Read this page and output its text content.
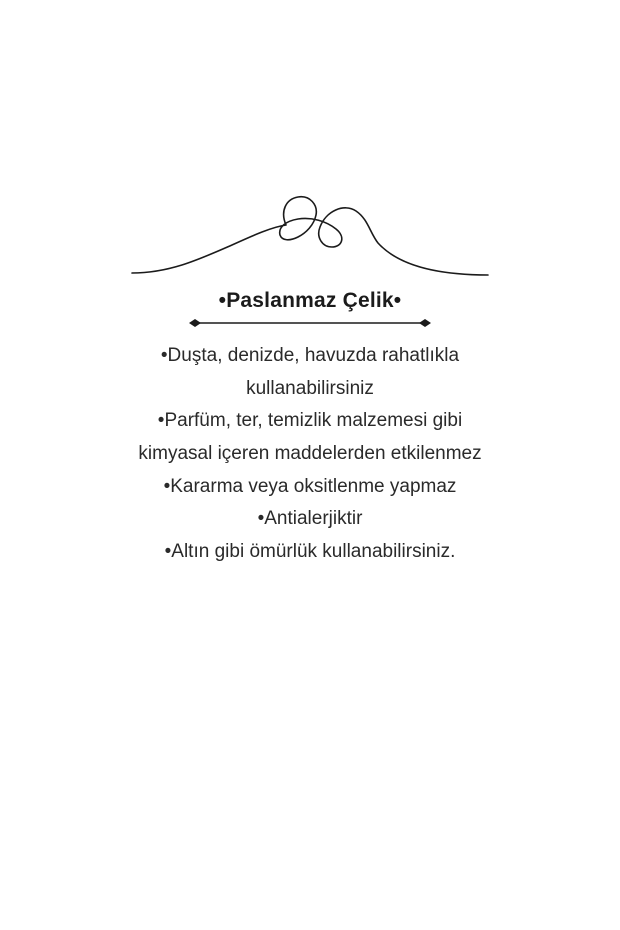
•Paslanmaz Çelik•
•Duşta, denizde, havuzda rahatlıkla
kullanabilirsiniz
•Parfüm, ter, temizlik malzemesi gibi
kimyasal içeren maddelerden etkilenmez
•Kararma veya oksitlenme yapmaz
•Antialerjiktir
•Altın gibi ömürlük kullanabilirsiniz.
